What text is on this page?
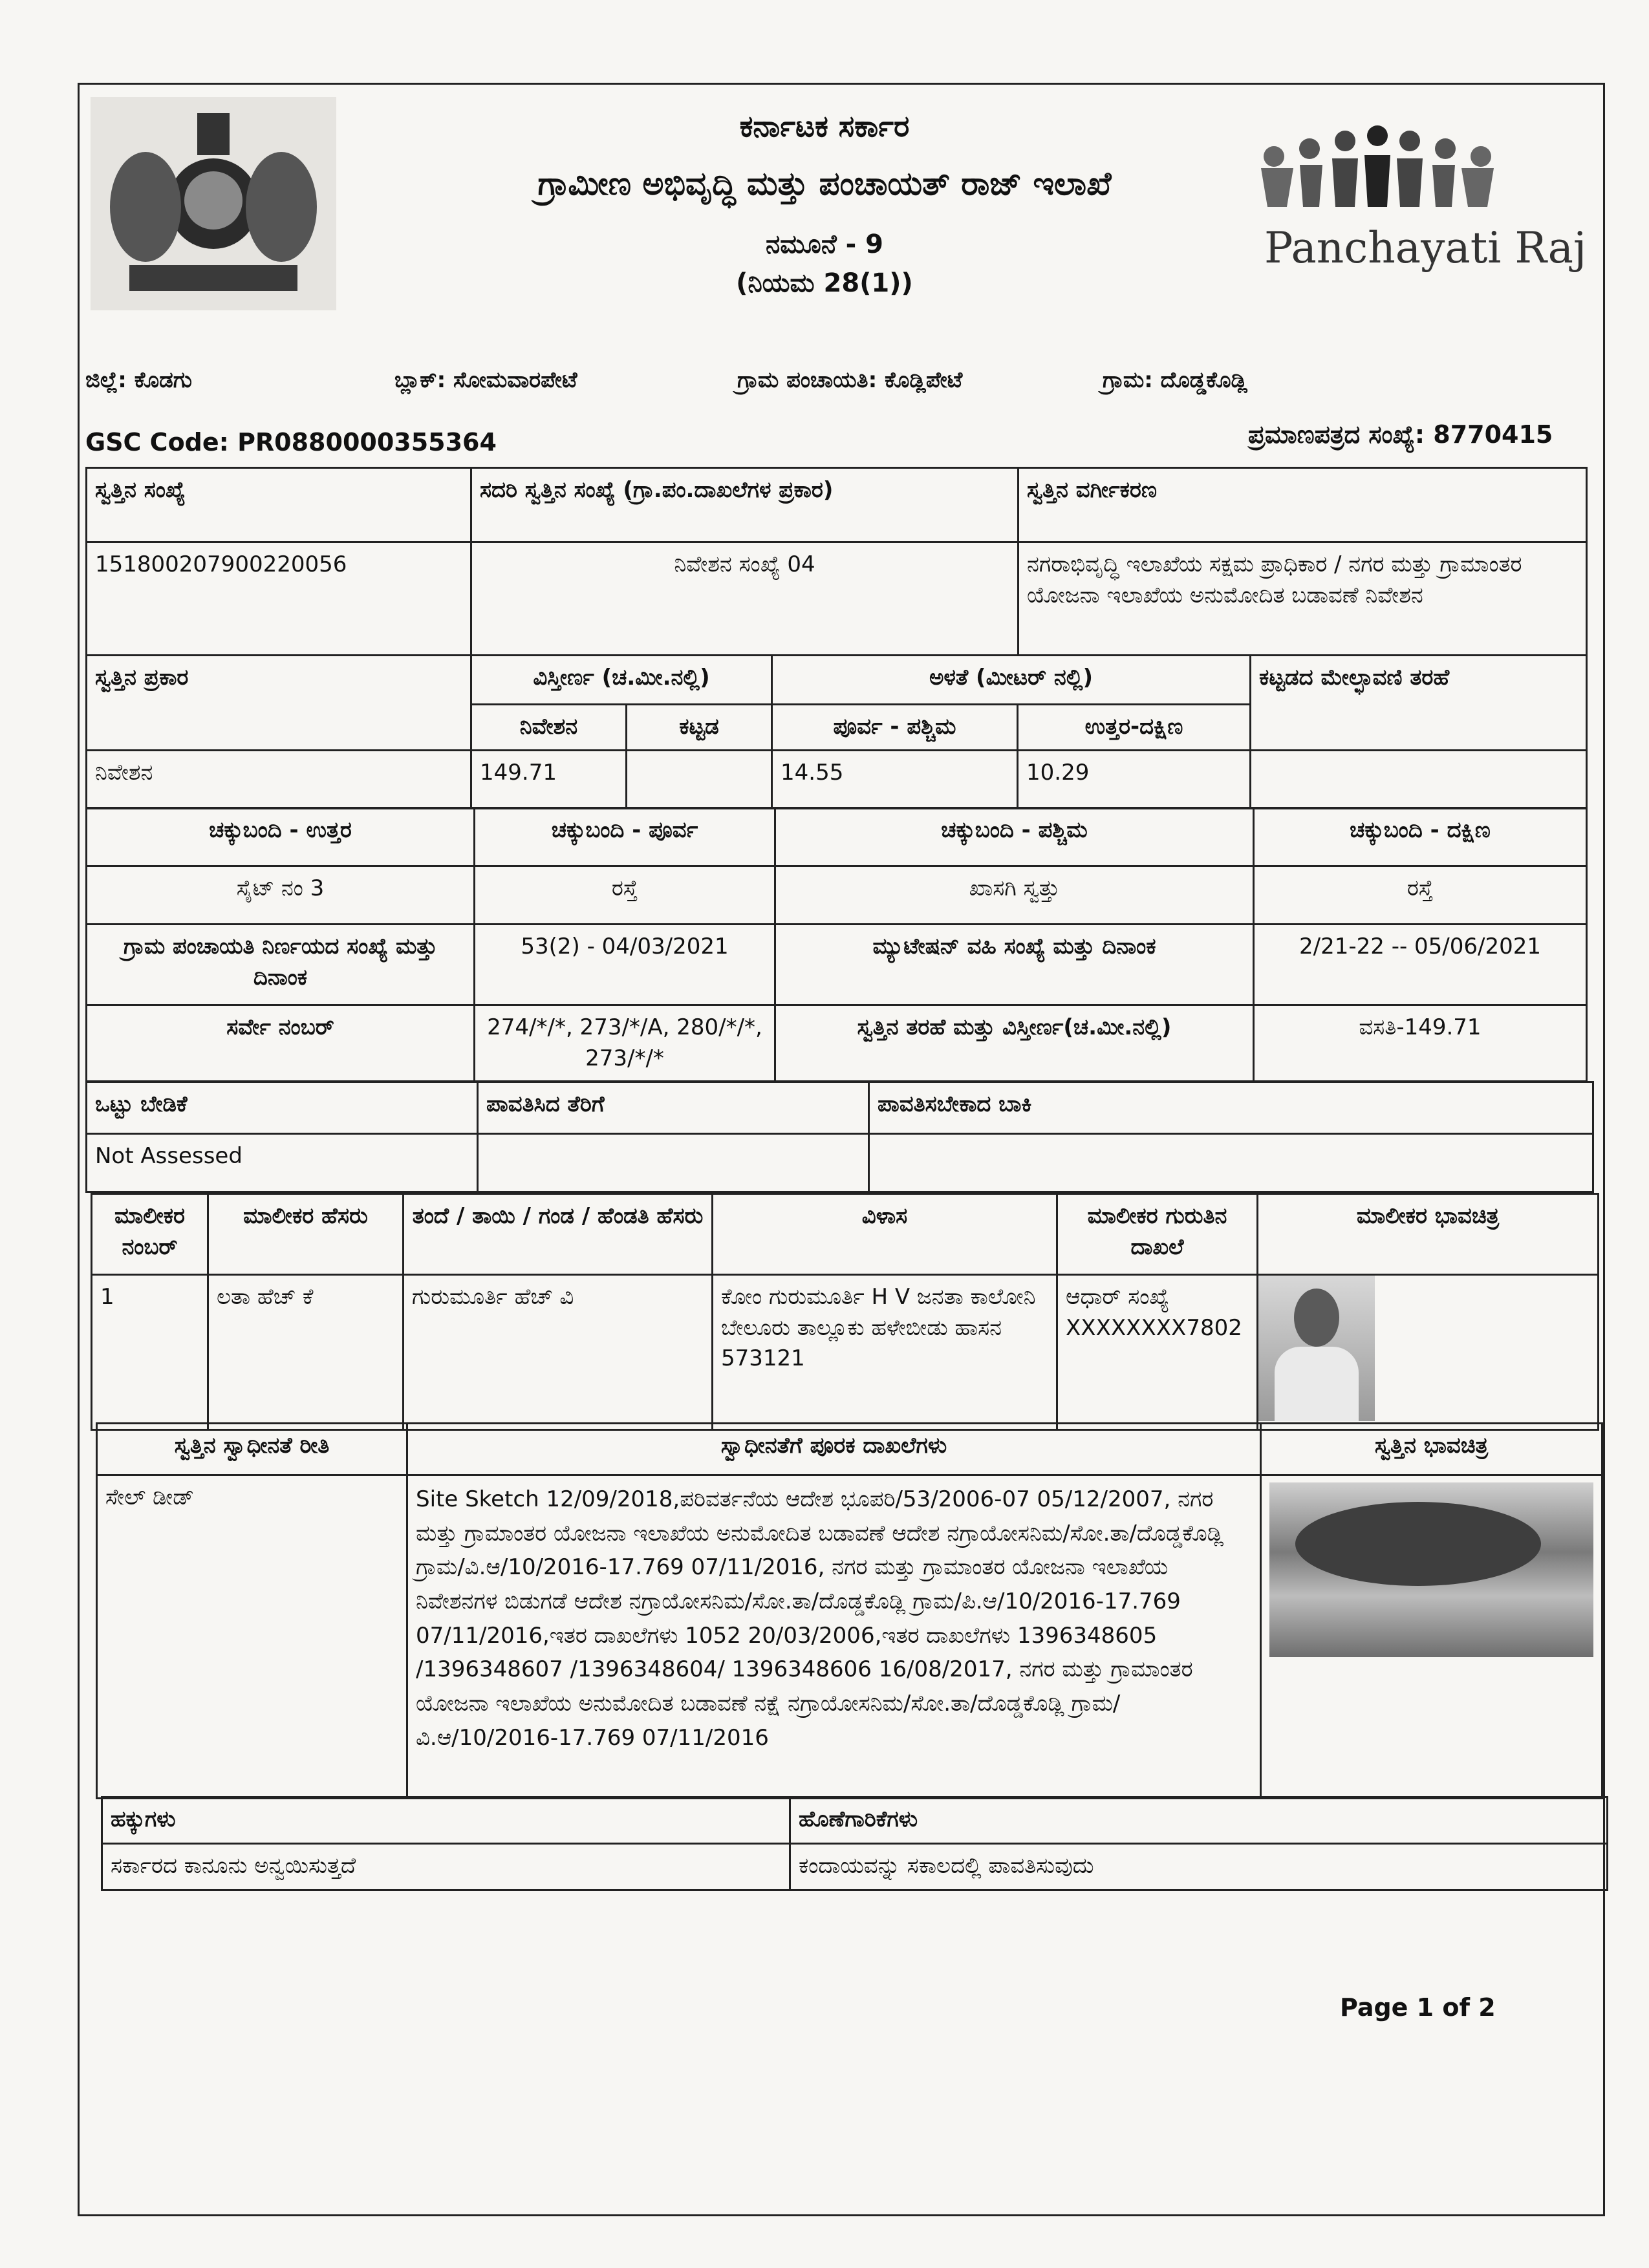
Panchayati Raj
ಕರ್ನಾಟಕ ಸರ್ಕಾರ
ಗ್ರಾಮೀಣ ಅಭಿವೃದ್ಧಿ ಮತ್ತು ಪಂಚಾಯತ್ ರಾಜ್ ಇಲಾಖೆ
ನಮೂನೆ - 9
(ನಿಯಮ 28(1))
ಜಿಲ್ಲೆ: ಕೊಡಗು	ಬ್ಲಾಕ್: ಸೋಮವಾರಪೇಟೆ	ಗ್ರಾಮ ಪಂಚಾಯತಿ: ಕೊಡ್ಲಿಪೇಟೆ	ಗ್ರಾಮ: ದೊಡ್ಡಕೊಡ್ಲಿ
GSC Code: PR0880000355364	ಪ್ರಮಾಣಪತ್ರದ ಸಂಖ್ಯೆ: 8770415
ಸ್ವತ್ತಿನ ಸಂಖ್ಯೆ	ಸದರಿ ಸ್ವತ್ತಿನ ಸಂಖ್ಯೆ (ಗ್ರಾ.ಪಂ.ದಾಖಲೆಗಳ ಪ್ರಕಾರ)	ಸ್ವತ್ತಿನ ವರ್ಗೀಕರಣ
151800207900220056	ನಿವೇಶನ ಸಂಖ್ಯೆ 04	ನಗರಾಭಿವೃದ್ಧಿ ಇಲಾಖೆಯ ಸಕ್ಷಮ ಪ್ರಾಧಿಕಾರ / ನಗರ ಮತ್ತು ಗ್ರಾಮಾಂತರ ಯೋಜನಾ ಇಲಾಖೆಯ ಅನುಮೋದಿತ ಬಡಾವಣೆ ನಿವೇಶನ
ಸ್ವತ್ತಿನ ಪ್ರಕಾರ	ವಿಸ್ತೀರ್ಣ (ಚ.ಮೀ.ನಲ್ಲಿ)		ಅಳತೆ (ಮೀಟರ್ ನಲ್ಲಿ)		ಕಟ್ಟಡದ ಮೇಲ್ಛಾವಣಿ ತರಹೆ
	ನಿವೇಶನ	ಕಟ್ಟಡ	ಪೂರ್ವ - ಪಶ್ಚಿಮ	ಉತ್ತರ-ದಕ್ಷಿಣ	
ನಿವೇಶನ	149.71		14.55	10.29	
ಚಕ್ಕುಬಂದಿ - ಉತ್ತರ	ಚಕ್ಕುಬಂದಿ - ಪೂರ್ವ	ಚಕ್ಕುಬಂದಿ - ಪಶ್ಚಿಮ	ಚಕ್ಕುಬಂದಿ - ದಕ್ಷಿಣ
ಸೈಟ್ ನಂ 3	ರಸ್ತೆ	ಖಾಸಗಿ ಸ್ವತ್ತು	ರಸ್ತೆ
ಗ್ರಾಮ ಪಂಚಾಯತಿ ನಿರ್ಣಯದ ಸಂಖ್ಯೆ ಮತ್ತು ದಿನಾಂಕ	53(2) - 04/03/2021	ಮ್ಯುಟೇಷನ್ ವಹಿ ಸಂಖ್ಯೆ ಮತ್ತು ದಿನಾಂಕ	2/21-22 -- 05/06/2021
ಸರ್ವೇ ನಂಬರ್	274/*/*, 273/*/A, 280/*/*, 273/*/*	ಸ್ವತ್ತಿನ ತರಹೆ ಮತ್ತು ವಿಸ್ತೀರ್ಣ(ಚ.ಮೀ.ನಲ್ಲಿ)	ವಸತಿ-149.71
ಒಟ್ಟು ಬೇಡಿಕೆ	ಪಾವತಿಸಿದ ತೆರಿಗೆ	ಪಾವತಿಸಬೇಕಾದ ಬಾಕಿ
Not Assessed		
ಮಾಲೀಕರ ನಂಬರ್	ಮಾಲೀಕರ ಹೆಸರು	ತಂದೆ / ತಾಯಿ / ಗಂಡ / ಹೆಂಡತಿ ಹೆಸರು	ವಿಳಾಸ	ಮಾಲೀಕರ ಗುರುತಿನ ದಾಖಲೆ	ಮಾಲೀಕರ ಭಾವಚಿತ್ರ
1	ಲತಾ ಹೆಚ್ ಕೆ	ಗುರುಮೂರ್ತಿ ಹೆಚ್ ವಿ	ಕೋಂ ಗುರುಮೂರ್ತಿ H V ಜನತಾ ಕಾಲೋನಿ ಬೇಲೂರು ತಾಲ್ಲೂಕು ಹಳೇಬೀಡು ಹಾಸನ 573121	ಆಧಾರ್ ಸಂಖ್ಯೆ XXXXXXXX7802	
ಸ್ವತ್ತಿನ ಸ್ವಾಧೀನತೆ ರೀತಿ	ಸ್ವಾಧೀನತೆಗೆ ಪೂರಕ ದಾಖಲೆಗಳು	ಸ್ವತ್ತಿನ ಭಾವಚಿತ್ರ
ಸೇಲ್ ಡೀಡ್	Site Sketch 12/09/2018,ಪರಿವರ್ತನೆಯ ಆದೇಶ ಭೂಪರಿ/53/2006-07 05/12/2007, ನಗರ ಮತ್ತು ಗ್ರಾಮಾಂತರ ಯೋಜನಾ ಇಲಾಖೆಯ ಅನುಮೋದಿತ ಬಡಾವಣೆ ಆದೇಶ ನಗ್ರಾಯೋಸನಿಮ/ಸೋ.ತಾ/ದೊಡ್ಡಕೊಡ್ಲಿ ಗ್ರಾಮ/ವಿ.ಆ/10/2016-17.769 07/11/2016, ನಗರ ಮತ್ತು ಗ್ರಾಮಾಂತರ ಯೋಜನಾ ಇಲಾಖೆಯ ನಿವೇಶನಗಳ ಬಿಡುಗಡೆ ಆದೇಶ ನಗ್ರಾಯೋಸನಿಮ/ಸೋ.ತಾ/ದೊಡ್ಡಕೊಡ್ಲಿ ಗ್ರಾಮ/ಪಿ.ಆ/10/2016-17.769 07/11/2016,ಇತರ ದಾಖಲೆಗಳು 1052 20/03/2006,ಇತರ ದಾಖಲೆಗಳು 1396348605 /1396348607 /1396348604/ 1396348606 16/08/2017, ನಗರ ಮತ್ತು ಗ್ರಾಮಾಂತರ ಯೋಜನಾ ಇಲಾಖೆಯ ಅನುಮೋದಿತ ಬಡಾವಣೆ ನಕ್ಷೆ ನಗ್ರಾಯೋಸನಿಮ/ಸೋ.ತಾ/ದೊಡ್ಡಕೊಡ್ಲಿ ಗ್ರಾಮ/ವಿ.ಆ/10/2016-17.769 07/11/2016	
ಹಕ್ಕುಗಳು	ಹೊಣೆಗಾರಿಕೆಗಳು
ಸರ್ಕಾರದ ಕಾನೂನು ಅನ್ವಯಿಸುತ್ತದೆ	ಕಂದಾಯವನ್ನು ಸಕಾಲದಲ್ಲಿ ಪಾವತಿಸುವುದು
Page 1 of 2
